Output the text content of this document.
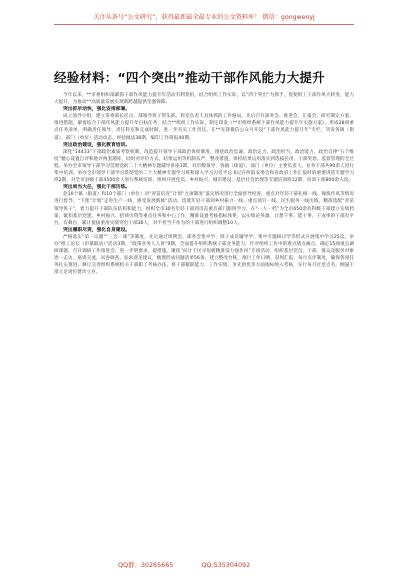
关注头条号“公文研究”，获得最新最全最专业的公文资料库！ 微信：gongwenyj
经验材料：“四个突出”推动干部作风能力大提升

今年以来，**市委组织部紧抓干部作风能力提升年活动有利契机，结合组织工作实际，以“四个突出”为抓手，促使组工干部作风大转变、能力大提升，为推动**高质量发展实现新跨越提供坚强保障。

突出抓早动快，强化安排部署。

成立领导小组，建立常委部长挂点、部领导班子带头抓、科室负责人具体抓的工作格局。先后召开部务会、推进会、汇报会、研究制定方案、推进措施，紧密结合干部作风能力提升年目标任务，结合**组织工作实际，制定印发《**市组织系统干部作风能力提升年实施方案》，形成28项重点任务清单，明确责任领导、责任科室和完成时限，进一步夯实工作责任。在**先锋微信公众号开设“干部作风能力提升年”专栏，刊发各镇（街道）、部门（单位）活动动态、经验做法38期，编印工作简报40期。

突出政治建设，强化教育培训。

深化“14433”干部政治素质考察机制，改造提升领导干部政治体检制度，围绕政治忠诚、政治定力、政治担当、政治能力、政治自律“五个维度”精心设置自评和他评两套题库，同时对评价方式、结果运用等机制从严、整改措施，体检结果运用落实到选拔任用、干部奖惩、监督管理的全过程。举办全市领导干部学习贯彻党的二十大精神专题辅导讲座1期，对市级领导、各镇（街道）、部门（单位）主要负责人、业务干部共90余人进行集中培训。举办全市领导干部学习贯彻党的二十大精神专题学习班和深入学习习近平总书记在听取安委会和省政府工作汇报时的重要讲话专题学习班2期，对全市县级干部4500余人进行系统培训，组织开展党员、乡村振兴、城市建设、基层社会治理等专题培训班12期，培训干部800余人次。

突出尚当大任，强化干部历练。

赴10个镇（街道）和10个部门（单位）对“青苗培育”计划“九项制度”落实情况进行全面督导检查，重点对年轻干部扎根一线、锤炼作风等情况进行督导。“下派”计划“走进生产一线、感受发展新脉”活动，选派年轻干部到乡村振兴一线、重点项目一线、民生服务一线历练，精准选配“青苗领导班子”，着力提升干部队伍结构和能力。组织全市30名年轻干部到市直重点部门跟班学习，在“一人一档”为全市650余名科级干部建立实绩档案，紧扣基层党建、乡村振兴、招商引资等重点任务和中心工作，精准设置考核指标体系，以实绩论英雄，让想干事、能干事、干成事的干部有平台、有舞台，累计提拔重用实绩突出干部36人，对不担当不作为的干部进行组织调整10人。

突出履职尽责，强化自身建设。

严格落实“第一议题”“三会一课”等制度，先后通过周例会、部务会集中学、班子成员辅导学、集中专题研讨学等形式开展集中学习25次，举办“组工论坛（市镇联动）”活动3期，“政策业务人人讲”9期，全面提升组织系统干部业务能力，针对组织工作中的难点堵点痛点，确定15项重点调研课题，召开调研工作推进会，进一步明要求、提措施，聚焦“问计于民寻短板精准发力强作风”专项活动，组织基层党员、干部、群众及服务对象逐一走访、座谈交流、问卷调查、征求意见建议，梳理形成问题清单56条，建立整改台账，推行工作日晒、双周汇报、每月点评制度，确保各项任务扎实推进。修订完善组织系统机关干部职工考核办法，将干部履职能力、工作实绩、争先创优等方面指标纳入考核，实行每月过堂点名，倒逼干部立足岗位建功立业。

QQ群：30265665	QQ:535304092
